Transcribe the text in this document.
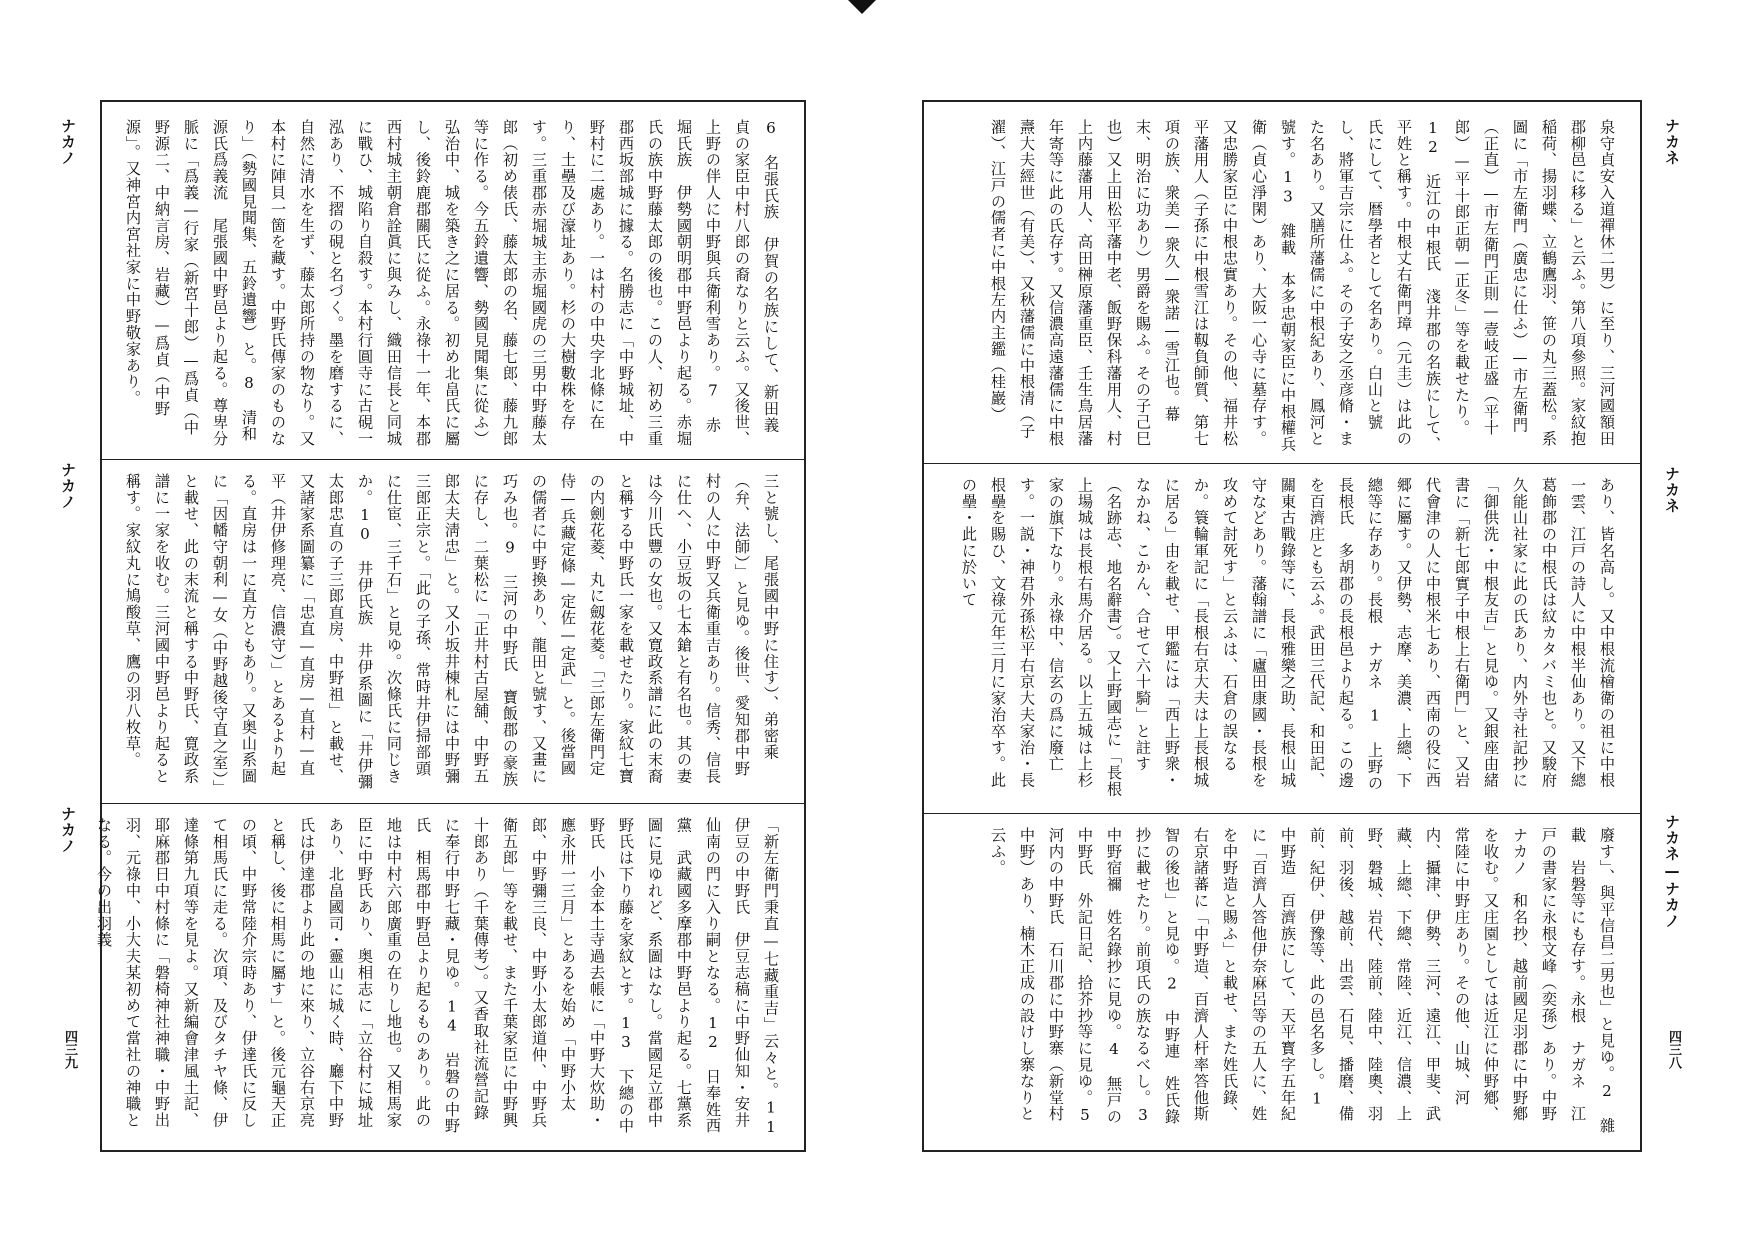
6　名張氏族　伊賀の名族にして、新田義貞の家臣中村八郎の裔なりと云ふ。又後世、上野の伴人に中野與兵衛利雪あり。7　赤堀氏族　伊勢國朝明郡中野邑より起る。赤堀氏の族中野藤太郎の後也。この人、初め三重郡西坂部城に據る。名勝志に「中野城址、中野村に二處あり。一は村の中央字北條に在り、土壘及び濠址あり。杉の大樹數株を存す。三重郡赤堀城主赤堀國虎の三男中野藤太郎（初め俵氏、藤太郎の名、藤七郎、藤九郎等に作る。今五鈴遺響、勢國見聞集に從ふ）弘治中、城を築き之に居る。初め北畠氏に屬し、後鈴鹿郡關氏に從ふ。永祿十一年、本郡西村城主朝倉詮眞に與みし、織田信長と同城に戰ひ、城陷り自殺す。本村行圓寺に古硯一泓あり、不摺の硯と名づく。墨を磨するに、自然に清水を生ず、藤太郎所持の物なり。又本村に陣貝一箇を藏す。中野氏傳家のものなり」（勢國見聞集、五鈴遺響）と。8　清和源氏爲義流　尾張國中野邑より起る。尊卑分脈に「爲義—行家（新宮十郎）—爲貞（中野源二、中納言房、岩藏）—爲貞（中野源」。又神宮内宮社家に中野敬家あり。
三と號し、尾張國中野に住す）、弟密乘（弁、法師）」と見ゆ。後世、愛知郡中野村の人に中野又兵衛重吉あり。信秀、信長に仕へ、小豆坂の七本鎗と有名也。其の妻は今川氏豐の女也。又寛政系譜に此の末裔と稱する中野氏一家を載せたり。家紋七寶の内劍花菱、丸に劔花菱。「三郎左衛門定侍—兵藏定條—定佐—定武」と。後當國の儒者に中野換あり、龍田と號す、又畫に巧み也。9　三河の中野氏　寶飯郡の豪族に存し、二葉松に「正井村古屋舖、中野五郎太夫淸忠」と。又小坂井棟札には中野彌三郎正宗と。「此の子孫、常時井伊掃部頭に仕宦、三千石」と見ゆ。次條氏に同じきか。10　井伊氏族　井伊系圖に「井伊彌太郎忠直の子三郎直房、中野祖」と載せ、又諸家系圖纂に「忠直—直房—直村—直平（井伊修理亮、信濃守）」とあるより起る。直房は一に直方ともあり。又奥山系圖に「因幡守朝利—女（中野越後守直之室）」と載せ、此の末流と稱する中野氏、寛政系譜に一家を收む。三河國中野邑より起ると稱す。家紋丸に鳩酸草、鷹の羽八枚草。
「新左衛門秉直—七藏重吉」云々と。11　伊豆の中野氏　伊豆志稿に中野仙知・安井仙南の門に入り嗣となる。12　日奉姓西黨　武藏國多摩郡中野邑より起る。七黨系圖に見ゆれど、系圖はなし。當國足立郡中野氏は下り藤を家紋とす。13　下總の中野氏　小金本土寺過去帳に「中野大炊助・應永卅一三月」とあるを始め「中野小太郎、中野彌三良、中野小太郎道仲、中野兵衛五郎」等を載せ、また千葉家臣に中野興十郎あり（千葉傳考）。又香取社流營記錄に奉行中野七藏・見ゆ。14　岩磐の中野氏　相馬郡中野邑より起るものあり。此の地は中村六郎廣重の在りし地也。又相馬家臣に中野氏あり、奥相志に「立谷村に城址あり、北畠國司・靈山に城く時、廳下中野氏は伊達郡より此の地に來り、立谷右京亮と稱し、後に相馬に屬す」と。後元龜天正の頃、中野常陸介宗時あり、伊達氏に反して相馬氏に走る。次項、及びタチヤ條、伊達條第九項等を見よ。又新編會津風土記、耶麻郡日中村條に「磐椅神社神職・中野出羽、元祿中、小大夫某初めて當社の神職となる。今の出羽義
ナカノ
ナカノ
ナカノ
四三九
泉守貞安入道禪休二男）に至り、三河國額田郡柳邑に移る」と云ふ。第八項參照。家紋抱稲荷、揚羽蝶、立鶴鷹羽、笹の丸三蓋松。系圖に「市左衛門（廣忠に仕ふ）—市左衛門（正直）—市左衛門正則—壹岐正盛（平十郎）—平十郎正朝—正冬」等を載せたり。12　近江の中根氏　淺井郡の名族にして、平姓と稱す。中根丈右衛門璋（元圭）は此の氏にして、暦學者として名あり。白山と號し、將軍吉宗に仕ふ。その子安之丞彦脩・また名あり。又膳所藩儒に中根紀あり、鳳河と號す。13　雜載　本多忠朝家臣に中根權兵衛（貞心淨閑）あり、大阪一心寺に墓存す。又忠勝家臣に中根忠實あり。その他、福井松平藩用人（子孫に中根雪江は靱負師質、第七項の族、衆美—衆久—衆諾—雪江也。幕末、明治に功あり）男爵を賜ふ。その子己巳也）又上田松平藩中老、飯野保科藩用人、村上内藤藩用人、高田榊原藩重臣、壬生鳥居藩年寄等に此の氏存す。又信濃高遠藩儒に中根燾大夫經世（有美）、又秋藩儒に中根清（子濯）、江戸の儒者に中根左内主鑑（桂巖）
あり、皆名高し。又中根流檜衛の祖に中根一雲、江戸の詩人に中根半仙あり。又下總葛飾郡の中根氏は紋カタバミ也と。又駿府久能山社家に此の氏あり、内外寺社記抄に「御供洗・中根友吉」と見ゆ。又銀座由緒書に「新七郎實子中根上右衛門」と、又岩代會津の人に中根米七あり、西南の役に西郷に屬す。又伊勢、志摩、美濃、上總、下總等に存あり。長根　ナガネ　1　上野の長根氏　多胡郡の長根邑より起る。この邊を百濟庄とも云ふ。武田三代記、和田記、關東古戰錄等に、長根雅樂之助、長根山城守などあり。藩翰譜に「廬田康國・長根を攻めて討死す」と云ふは、石倉の誤なるか。簑輪軍記に「長根右京大夫は上長根城に居る」由を載せ、甲鑑には「西上野衆・なかね、こかん、合せて六十騎」と註す（名跡志、地名辭書）。又上野國志に「長根上場城は長根右馬介居る。以上五城は上杉家の旗下なり。永祿中、信玄の爲に廢亡す。一説・神君外孫松平右京大夫家治・長根壘を賜ひ、文祿元年三月に家治卒す。此の壘・此に於いて
廢す」、與平信昌二男也」と見ゆ。2　雜載　岩磐等にも存す。永根　ナガネ　江戸の書家に永根文峰（奕孫）あり。中野　ナカノ　和名抄、越前國足羽郡に中野鄕を收む。又庄園としては近江に仲野鄕、常陸に中野庄あり。その他、山城、河内、攝津、伊勢、三河、遠江、甲斐、武藏、上總、下總、常陸、近江、信濃、上野、磐城、岩代、陸前、陸中、陸奧、羽前、羽後、越前、出雲、石見、播磨、備前、紀伊、伊豫等、此の邑名多し。1　中野造　百濟族にして、天平寳字五年紀に「百濟人答他伊奈麻呂等の五人に、姓を中野造と賜ふ」と載せ、また姓氏錄、右京諸蕃に「中野造、百濟人杆率答他斯智の後也」と見ゆ。2　中野連　姓氏錄抄に載せたり。前項氏の族なるべし。3　中野宿禰　姓名錄抄に見ゆ。4　無戸の中野氏　外記日記、拾芥抄等に見ゆ。5　河内の中野氏　石川郡に中野寨（新堂村中野）あり、楠木正成の設けし寨なりと云ふ。
ナカネ
ナカネ
ナカネ—ナカノ
四三八
